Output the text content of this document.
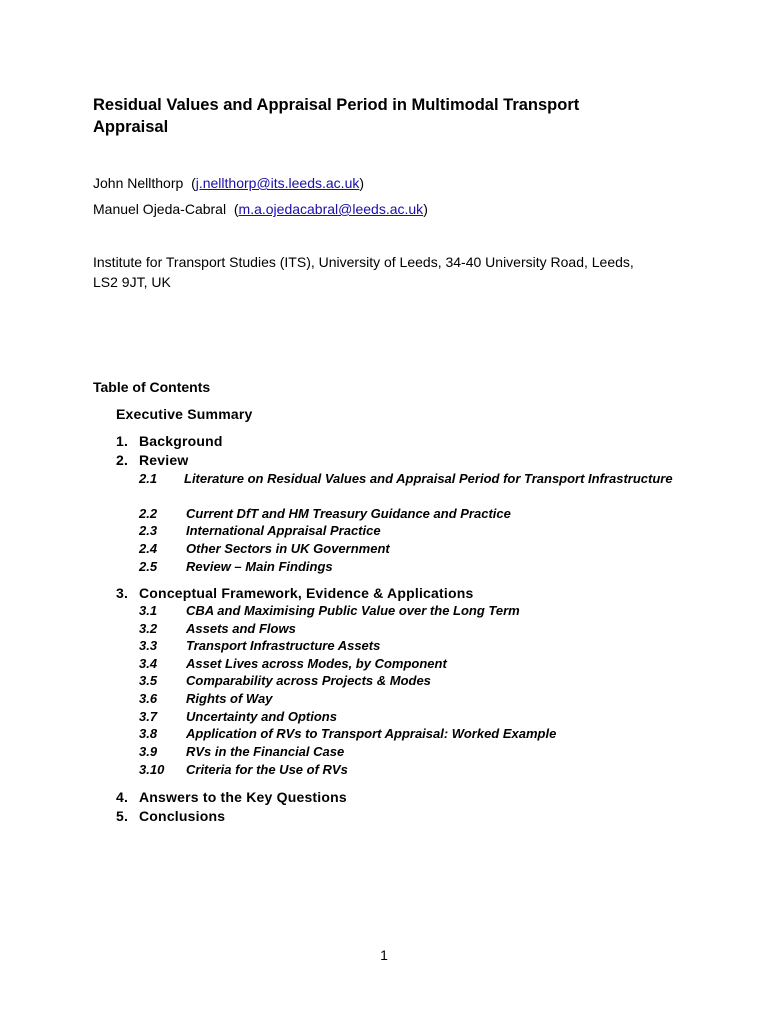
Residual Values and Appraisal Period in Multimodal Transport Appraisal
John Nellthorp (j.nellthorp@its.leeds.ac.uk)
Manuel Ojeda-Cabral (m.a.ojedacabral@leeds.ac.uk)
Institute for Transport Studies (ITS), University of Leeds, 34-40 University Road, Leeds, LS2 9JT, UK
Table of Contents
Executive Summary
1. Background
2. Review
2.1 Literature on Residual Values and Appraisal Period for Transport Infrastructure
2.2 Current DfT and HM Treasury Guidance and Practice
2.3 International Appraisal Practice
2.4 Other Sectors in UK Government
2.5 Review – Main Findings
3. Conceptual Framework, Evidence & Applications
3.1 CBA and Maximising Public Value over the Long Term
3.2 Assets and Flows
3.3 Transport Infrastructure Assets
3.4 Asset Lives across Modes, by Component
3.5 Comparability across Projects & Modes
3.6 Rights of Way
3.7 Uncertainty and Options
3.8 Application of RVs to Transport Appraisal: Worked Example
3.9 RVs in the Financial Case
3.10 Criteria for the Use of RVs
4. Answers to the Key Questions
5. Conclusions
1
